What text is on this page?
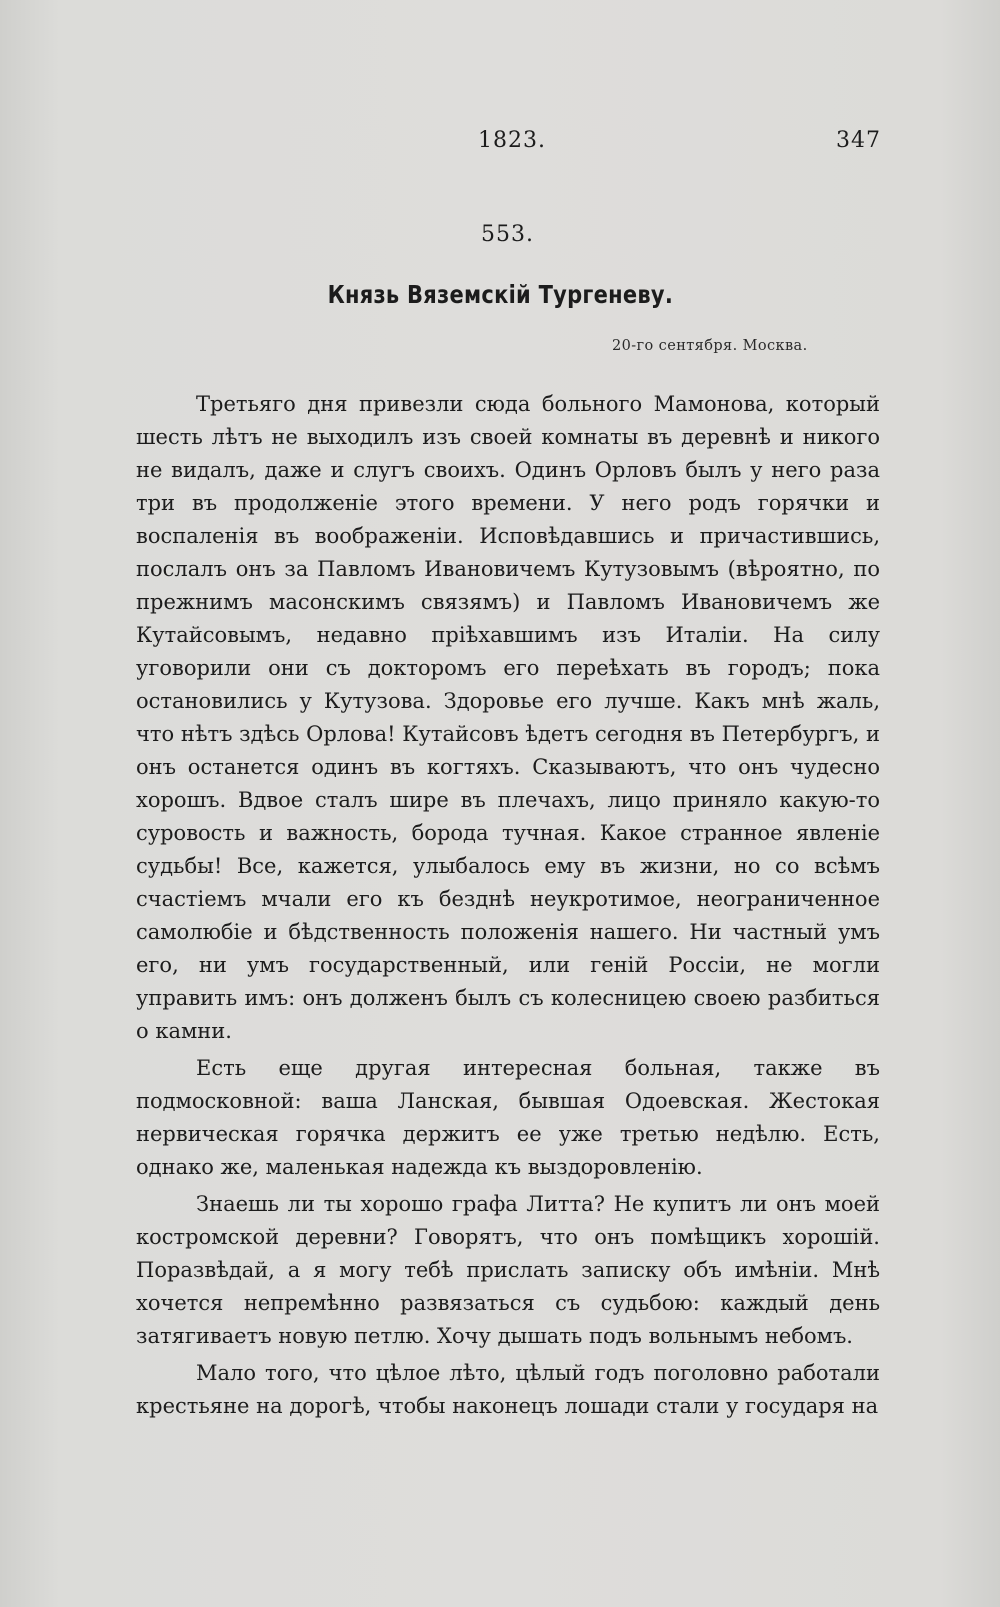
1823.	347
553.
Князь Вяземскій Тургеневу.
20-го сентября. Москва.

Третьяго дня привезли сюда больного Мамонова, который шесть лѣтъ не выходилъ изъ своей комнаты въ деревнѣ и никого не видалъ, даже и слугъ своихъ. Одинъ Орловъ былъ у него раза три въ продолженіе этого времени. У него родъ горячки и воспаленія въ воображеніи. Исповѣдавшись и причастившись, послалъ онъ за Павломъ Ивановичемъ Кутузовымъ (вѣроятно, по прежнимъ масонскимъ связямъ) и Павломъ Ивановичемъ же Кутайсовымъ, недавно пріѣхавшимъ изъ Италіи. На силу уговорили они съ докторомъ его переѣхать въ городъ; пока остановились у Кутузова. Здоровье его лучше. Какъ мнѣ жаль, что нѣтъ здѣсь Орлова! Кутайсовъ ѣдетъ сегодня въ Петербургъ, и онъ останется одинъ въ когтяхъ. Сказываютъ, что онъ чудесно хорошъ. Вдвое сталъ шире въ плечахъ, лицо приняло какую-то суровость и важность, борода тучная. Какое странное явленіе судьбы! Все, кажется, улыбалось ему въ жизни, но со всѣмъ счастіемъ мчали его къ безднѣ неукротимое, неограниченное самолюбіе и бѣдственность положенія нашего. Ни частный умъ его, ни умъ государственный, или геній Россіи, не могли управить имъ: онъ долженъ былъ съ колесницею своею разбиться о камни.

Есть еще другая интересная больная, также въ подмосковной: ваша Ланская, бывшая Одоевская. Жестокая нервическая горячка держитъ ее уже третью недѣлю. Есть, однако же, маленькая надежда къ выздоровленію.

Знаешь ли ты хорошо графа Литта? Не купитъ ли онъ моей костромской деревни? Говорятъ, что онъ помѣщикъ хорошій. Поразвѣдай, а я могу тебѣ прислать записку объ имѣніи. Мнѣ хочется непремѣнно развязаться съ судьбою: каждый день затягиваетъ новую петлю. Хочу дышать подъ вольнымъ небомъ.

Мало того, что цѣлое лѣто, цѣлый годъ поголовно работали крестьяне на дорогѣ, чтобы наконецъ лошади стали у государя на
